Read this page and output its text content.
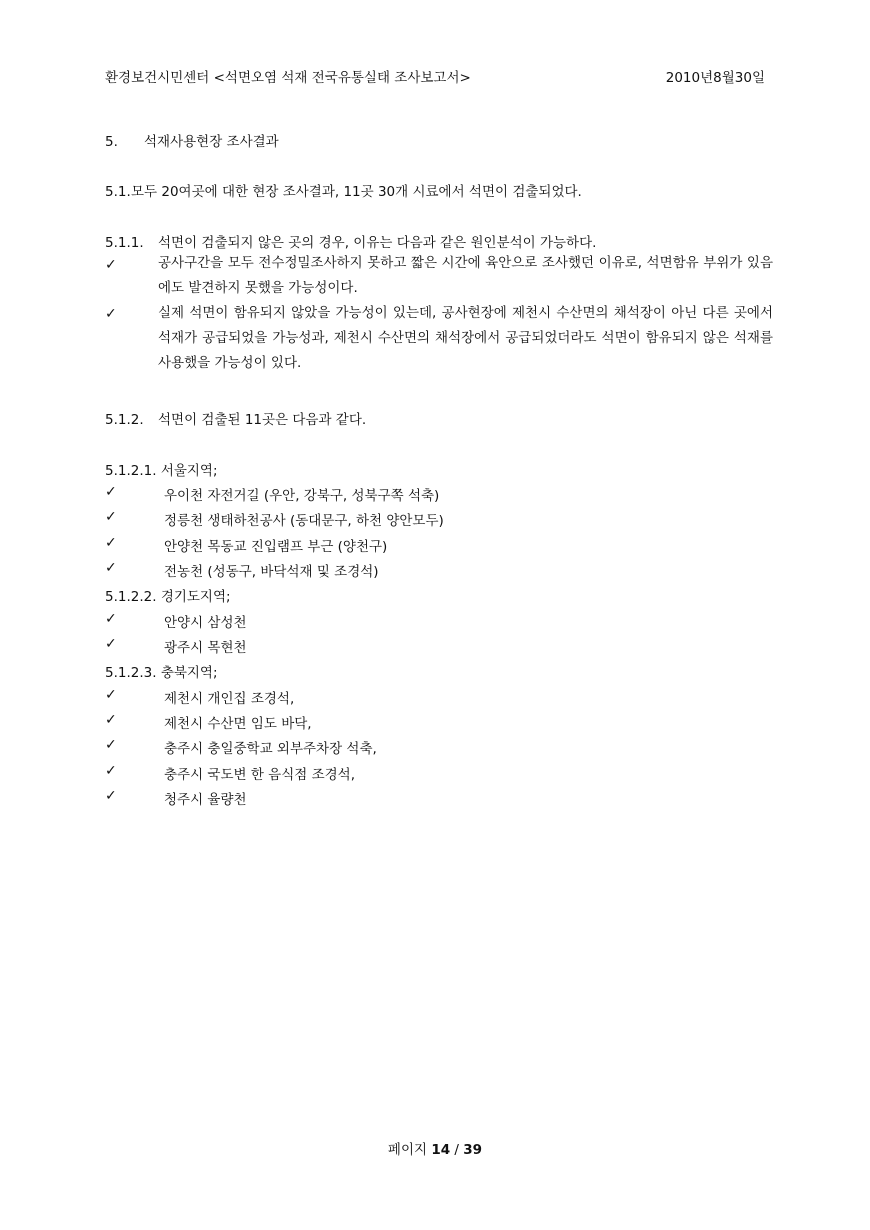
환경보건시민센터 <석면오염 석재 전국유통실태 조사보고서>	2010년8월30일
5. 석재사용현장 조사결과
5.1.모두 20여곳에 대한 현장 조사결과, 11곳 30개 시료에서 석면이 검출되었다.
5.1.1. 석면이 검출되지 않은 곳의 경우, 이유는 다음과 같은 원인분석이 가능하다.
✓	공사구간을 모두 전수정밀조사하지 못하고 짧은 시간에 육안으로 조사했던 이유로, 석면함유 부위가 있음에도 발견하지 못했을 가능성이다.
✓	실제 석면이 함유되지 않았을 가능성이 있는데, 공사현장에 제천시 수산면의 채석장이 아닌 다른 곳에서 석재가 공급되었을 가능성과, 제천시 수산면의 채석장에서 공급되었더라도 석면이 함유되지 않은 석재를 사용했을 가능성이 있다.
5.1.2. 석면이 검출된 11곳은 다음과 같다.
5.1.2.1. 서울지역;
✓	우이천 자전거길 (우안, 강북구, 성북구쪽 석축)
✓	정릉천 생태하천공사 (동대문구, 하천 양안모두)
✓	안양천 목동교 진입램프 부근 (양천구)
✓	전농천 (성동구, 바닥석재 및 조경석)
5.1.2.2. 경기도지역;
✓	안양시 삼성천
✓	광주시 목현천
5.1.2.3. 충북지역;
✓	제천시 개인집 조경석,
✓	제천시 수산면 임도 바닥,
✓	충주시 충일중학교 외부주차장 석축,
✓	충주시 국도변 한 음식점 조경석,
✓	청주시 율량천
페이지 14 / 39
